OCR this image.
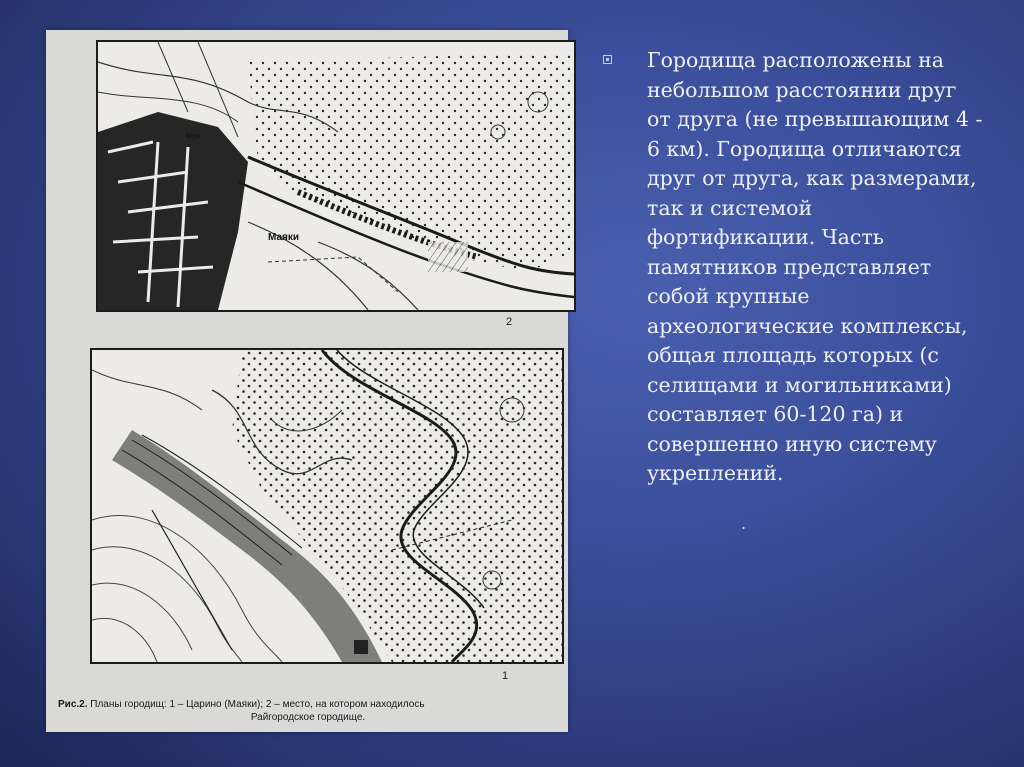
Маяки
Муж.
2
1
Рис.2. Планы городищ: 1 – Царино (Маяки); 2 – место, на котором находилось
Райгородское городище.

Городища расположены на небольшом расстоянии друг от друга (не превышающим 4 - 6 км). Городища отличаются друг от друга, как размерами, так и системой фортификации. Часть памятников представляет собой крупные археологические комплексы, общая площадь которых (с селищами и могильниками) составляет 60-120 га) и совершенно иную систему укреплений.

.
